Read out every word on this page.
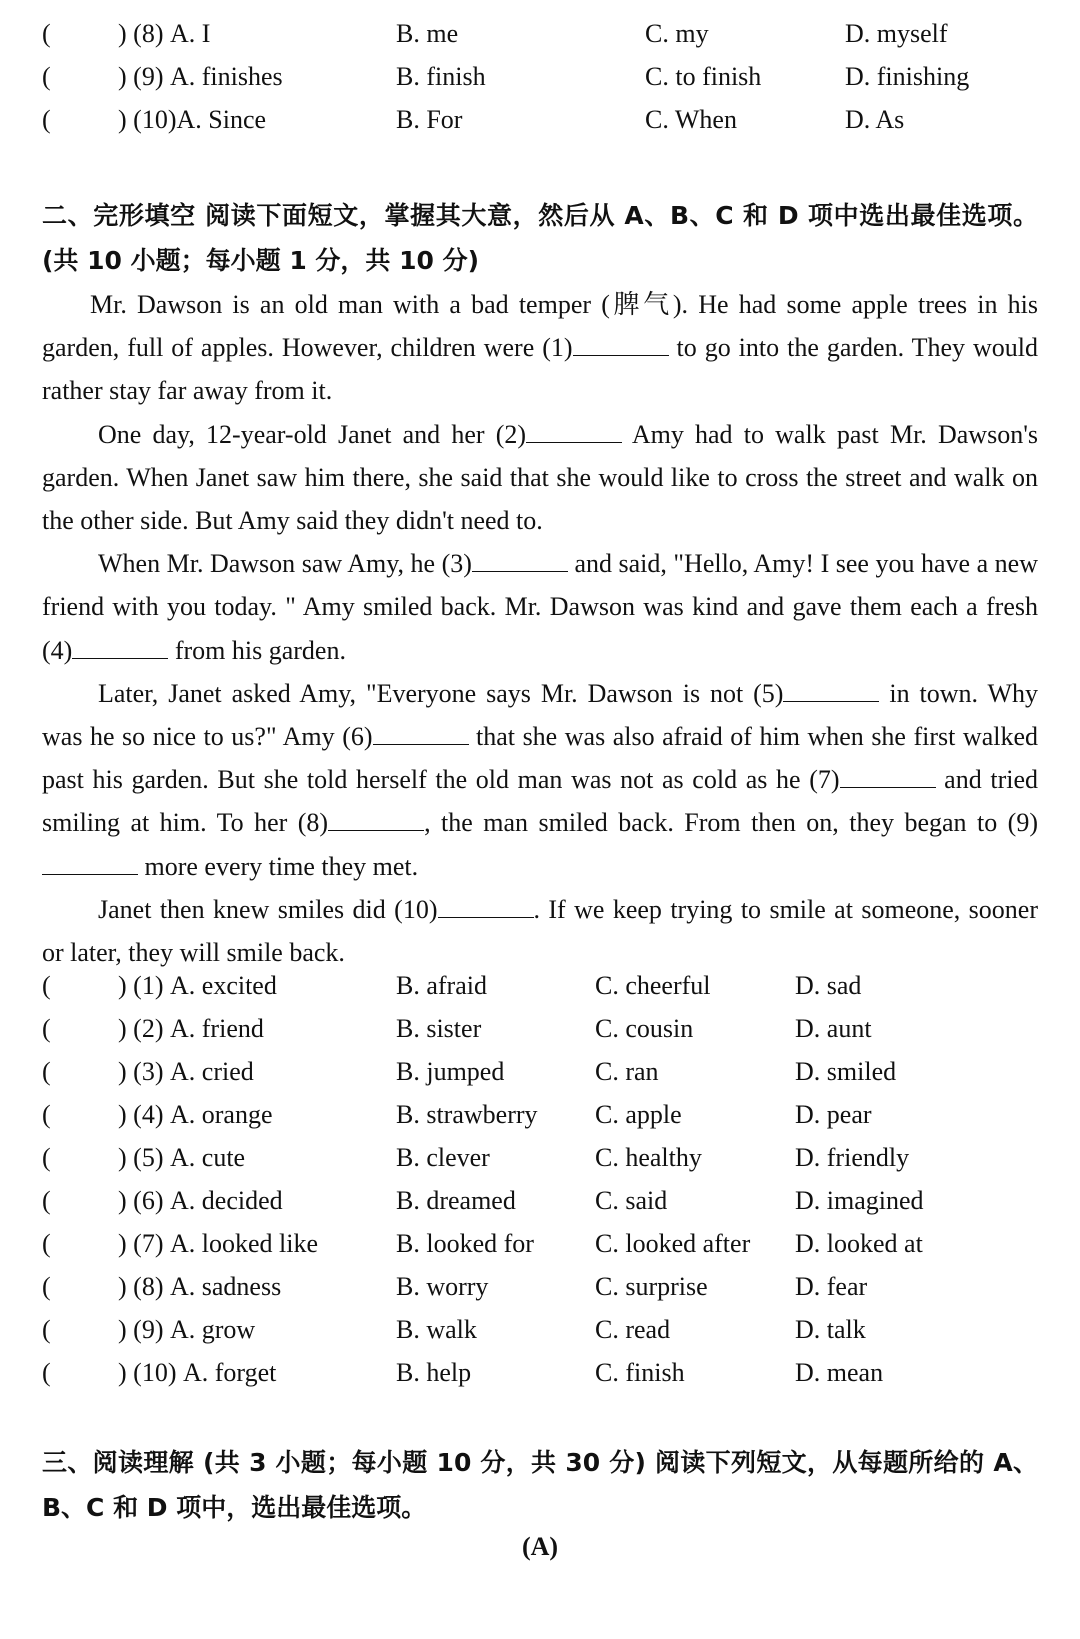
(	) (8) A. I	B. me	C. my	D. myself
(	) (9) A. finishes	B. finish	C. to finish	D. finishing
(	) (10)A. Since	B. For	C. When	D. As
二、完形填空 阅读下面短文，掌握其大意，然后从 A、B、C 和 D 项中选出最佳选项。(共 10 小题；每小题 1 分，共 10 分)

Mr. Dawson is an old man with a bad temper (脾气). He had some apple trees in his garden, full of apples. However, children were (1)	to go into the garden. They would rather stay far away from it.

One day, 12-year-old Janet and her (2)	Amy had to walk past Mr. Dawson's garden. When Janet saw him there, she said that she would like to cross the street and walk on the other side. But Amy said they didn't need to.

When Mr. Dawson saw Amy, he (3)	and said, "Hello, Amy! I see you have a new friend with you today. " Amy smiled back. Mr. Dawson was kind and gave them each a fresh (4)	from his garden.

Later, Janet asked Amy, "Everyone says Mr. Dawson is not (5)	in town. Why was he so nice to us?" Amy (6)	that she was also afraid of him when she first walked past his garden. But she told herself the old man was not as cold as he (7)	and tried smiling at him. To her (8)	, the man smiled back. From then on, they began to (9) more every time they met.

Janet then knew smiles did (10)	. If we keep trying to smile at someone, sooner or later, they will smile back.

(	) (1) A. excited	B. afraid	C. cheerful	D. sad
(	) (2) A. friend	B. sister	C. cousin	D. aunt
(	) (3) A. cried	B. jumped	C. ran	D. smiled
(	) (4) A. orange	B. strawberry C. apple	D. pear
(	) (5) A. cute	B. clever	C. healthy	D. friendly
(	) (6) A. decided	B. dreamed	C. said	D. imagined
(	) (7) A. looked like	B. looked for C. looked after D. looked at
(	) (8) A. sadness	B. worry	C. surprise	D. fear
(	) (9) A. grow	B. walk	C. read	D. talk
(	) (10) A. forget	B. help	C. finish	D. mean
三、阅读理解 (共 3 小题；每小题 10 分，共 30 分) 阅读下列短文，从每题所给的 A、B、C 和 D 项中，选出最佳选项。
(A)
